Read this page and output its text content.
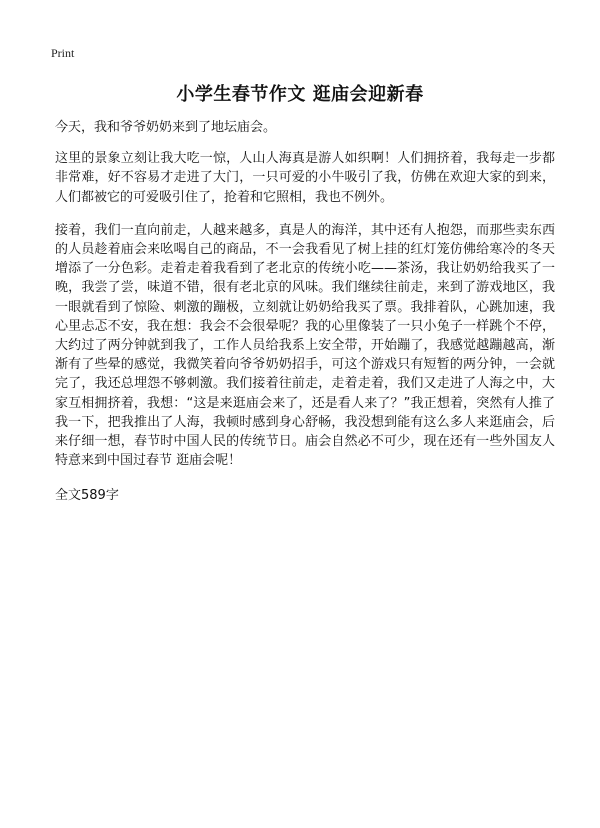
Print
小学生春节作文 逛庙会迎新春

今天，我和爷爷奶奶来到了地坛庙会。

这里的景象立刻让我大吃一惊，人山人海真是游人如织啊！人们拥挤着，我每走一步都非常难，好不容易才走进了大门，一只可爱的小牛吸引了我，仿佛在欢迎大家的到来，人们都被它的可爱吸引住了，抢着和它照相，我也不例外。

接着，我们一直向前走，人越来越多，真是人的海洋，其中还有人抱怨，而那些卖东西的人员趁着庙会来吆喝自己的商品，不一会我看见了树上挂的红灯笼仿佛给寒冷的冬天增添了一分色彩。走着走着我看到了老北京的传统小吃——茶汤，我让奶奶给我买了一晚，我尝了尝，味道不错，很有老北京的风味。我们继续往前走，来到了游戏地区，我一眼就看到了惊险、刺激的蹦极，立刻就让奶奶给我买了票。我排着队，心跳加速，我心里忐忑不安，我在想：我会不会很晕呢？我的心里像装了一只小兔子一样跳个不停，大约过了两分钟就到我了，工作人员给我系上安全带，开始蹦了，我感觉越蹦越高，渐渐有了些晕的感觉，我微笑着向爷爷奶奶招手，可这个游戏只有短暂的两分钟，一会就完了，我还总埋怨不够刺激。我们接着往前走，走着走着，我们又走进了人海之中，大家互相拥挤着，我想：“这是来逛庙会来了，还是看人来了？”我正想着，突然有人推了我一下，把我推出了人海，我顿时感到身心舒畅，我没想到能有这么多人来逛庙会，后来仔细一想，春节时中国人民的传统节日。庙会自然必不可少，现在还有一些外国友人特意来到中国过春节 逛庙会呢！

全文589字
